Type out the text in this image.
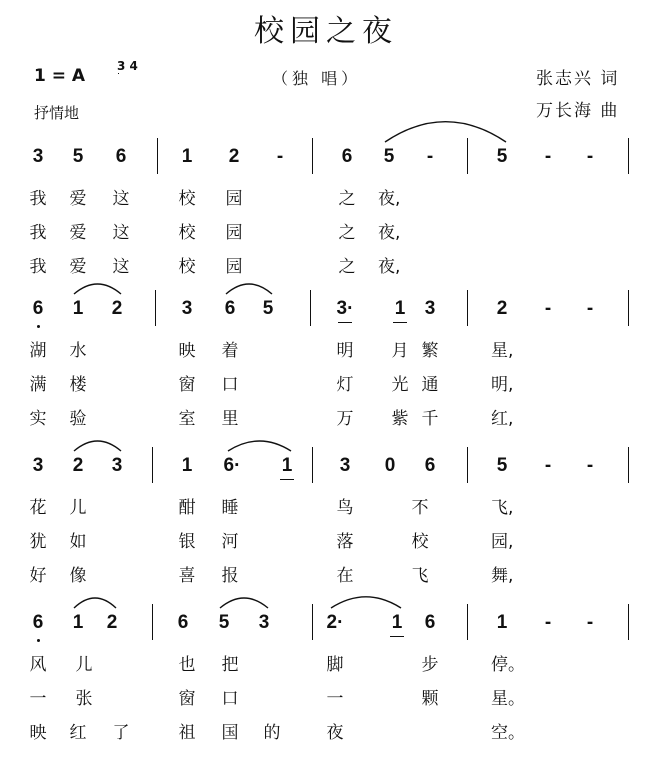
校园之夜
1 = A	3 4
（独 唱）	张志兴 词
万长海 曲
抒情地
3 5 6	1 2	-	6 5	-	5	-	-
我 爱 这	校 园	之 夜,
我 爱 这	校 园	之 夜,
我 爱 这	校 园	之 夜,
6 1 2	3 6 5	3· 1 3	2	-	-
湖 水	映 着	明 月 繁	星,
满 楼	窗 口	灯 光 通	明,
实 验	室 里	万 紫 千	红,
3 2 3	1 6· 1 3 0 6	5	-	-
花 儿	酣 睡	鸟	不	飞,
犹 如	银 河	落	校	园,
好 像	喜 报	在	飞	舞,
6 1 2	6 5 3	2·	1 6	1	-	-
风 儿	也 把	脚	步	停。
一 张	窗 口	一	颗	星。
映 红 了	祖 国 的	夜	空。
